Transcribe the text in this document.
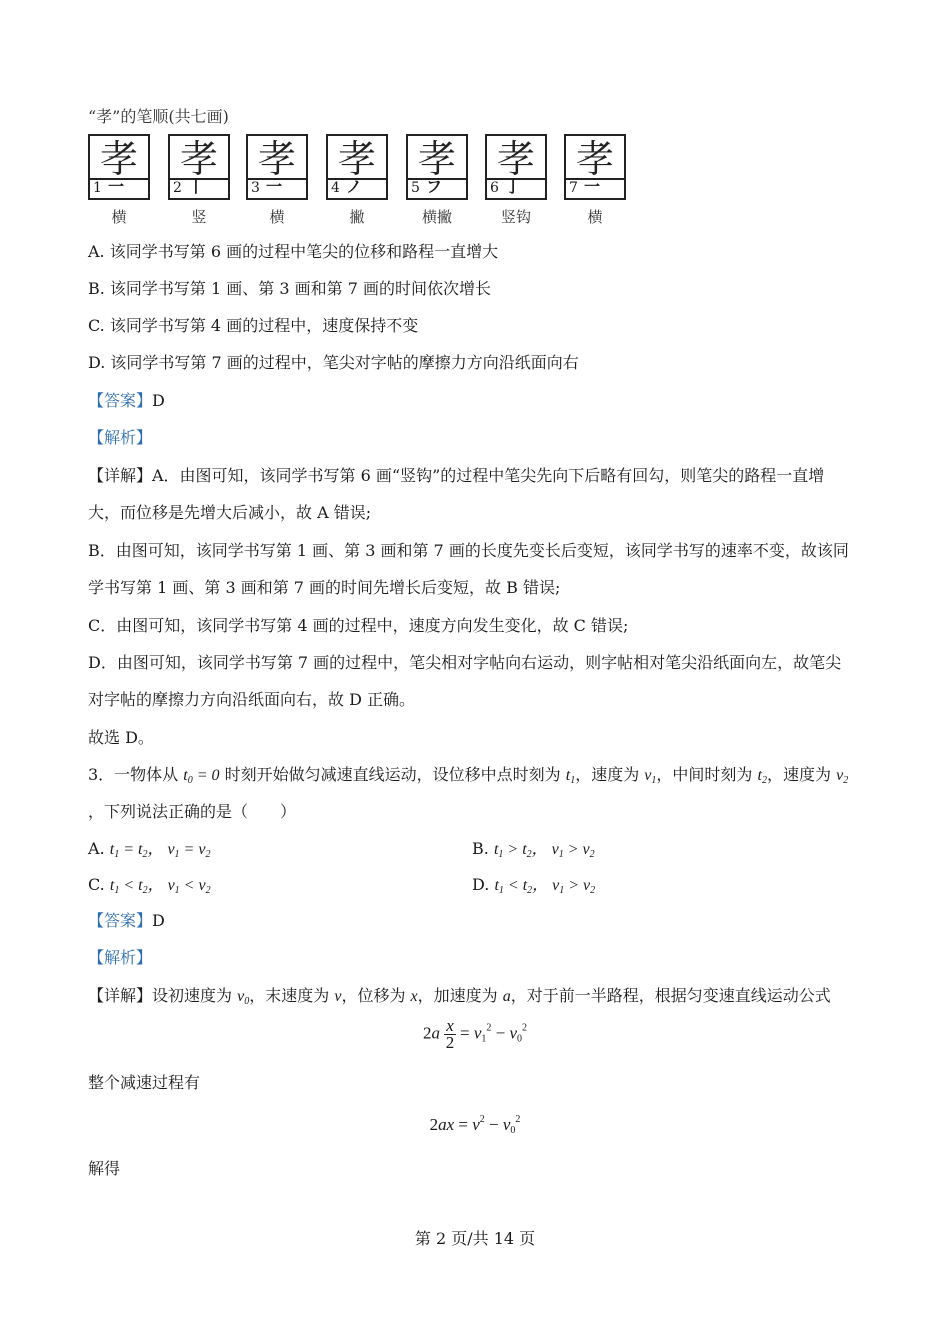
“孝”的笔顺(共七画)
孝
1 一
横
孝
2 丨
竖
孝
3 一
横
孝
4 ノ
撇
孝
5 フ
横撇
孝
6 亅
竖钩
孝
7 一
横
A. 该同学书写第 6 画的过程中笔尖的位移和路程一直增大
B. 该同学书写第 1 画、第 3 画和第 7 画的时间依次增长
C. 该同学书写第 4 画的过程中，速度保持不变
D. 该同学书写第 7 画的过程中，笔尖对字帖的摩擦力方向沿纸面向右
【答案】D
【解析】
【详解】A．由图可知，该同学书写第 6 画“竖钩”的过程中笔尖先向下后略有回勾，则笔尖的路程一直增
大，而位移是先增大后减小，故 A 错误;
B．由图可知，该同学书写第 1 画、第 3 画和第 7 画的长度先变长后变短，该同学书写的速率不变，故该同
学书写第 1 画、第 3 画和第 7 画的时间先增长后变短，故 B 错误;
C．由图可知，该同学书写第 4 画的过程中，速度方向发生变化，故 C 错误;
D．由图可知，该同学书写第 7 画的过程中，笔尖相对字帖向右运动，则字帖相对笔尖沿纸面向左，故笔尖
对字帖的摩擦力方向沿纸面向右，故 D 正确。
故选 D。
3．一物体从 $t_0 = 0$ 时刻开始做匀减速直线运动，设位移中点时刻为 $t_1$，速度为 $v_1$，中间时刻为 $t_2$，速度为 $v_2$
，下列说法正确的是（　　）
A. $t_1 = t_2$， $v_1 = v_2$	B. $t_1 > t_2$， $v_1 > v_2$
C. $t_1 < t_2$， $v_1 < v_2$	D. $t_1 < t_2$， $v_1 > v_2$
【答案】D
【解析】
【详解】设初速度为 $v_0$，末速度为 v，位移为 x，加速度为 a，对于前一半路程，根据匀变速直线运动公式
$2a \frac{x}{2} = v_1^2 - v_0^2$
整个减速过程有
$2ax = v^2 - v_0^2$
解得
第 2 页/共 14 页
